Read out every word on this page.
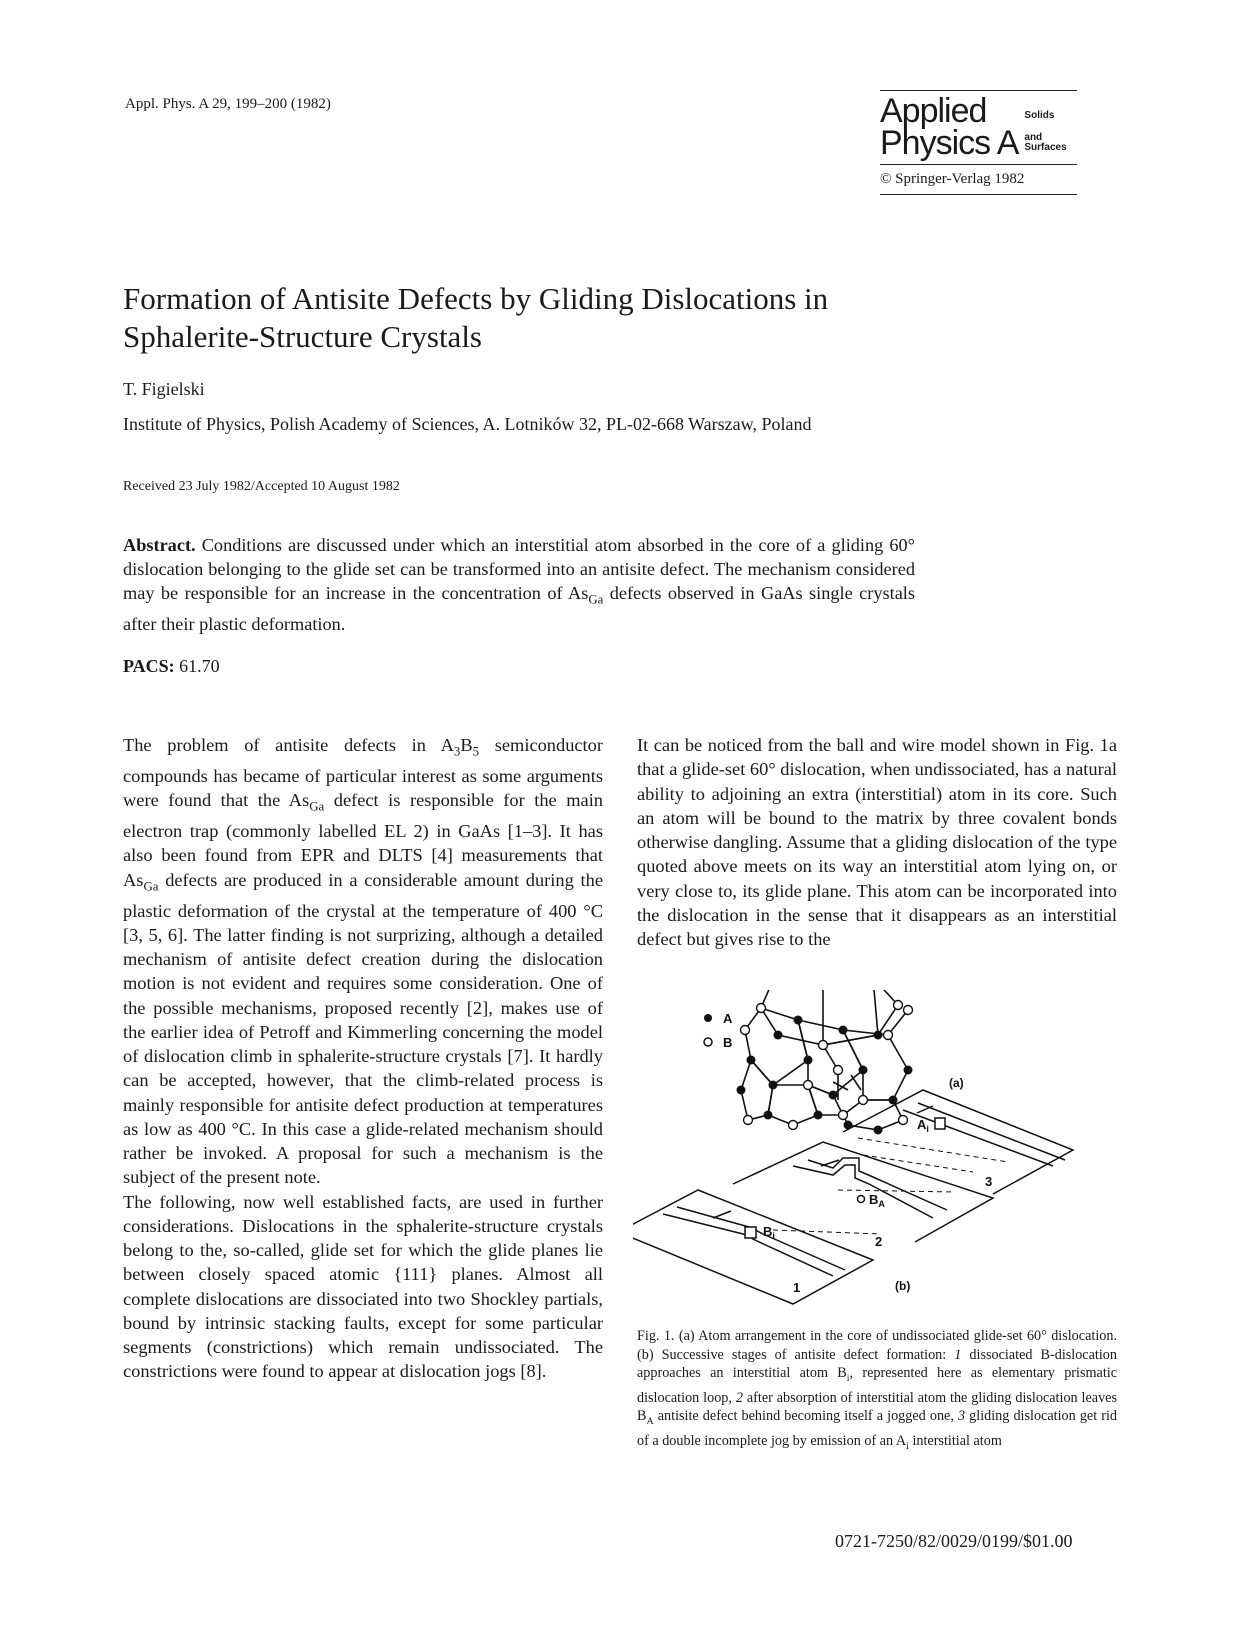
Appl. Phys. A 29, 199–200 (1982)	Applied	Solids
Physics A and
Surfaces
© Springer-Verlag 1982
Formation of Antisite Defects by Gliding Dislocations in Sphalerite-Structure Crystals
T. Figielski
Institute of Physics, Polish Academy of Sciences, A. Lotników 32, PL-02-668 Warszaw, Poland
Received 23 July 1982/Accepted 10 August 1982
Abstract. Conditions are discussed under which an interstitial atom absorbed in the core of a gliding 60° dislocation belonging to the glide set can be transformed into an antisite defect. The mechanism considered may be responsible for an increase in the concentration of $As_{Ga}$ defects observed in GaAs single crystals after their plastic deformation.
PACS: 61.70

The problem of antisite defects in $A_3B_5$ semiconductor compounds has became of particular interest as some arguments were found that the $As_{Ga}$ defect is responsible for the main electron trap (commonly labelled EL 2) in GaAs [1–3]. It has also been found from EPR and DLTS [4] measurements that $As_{Ga}$ defects are produced in a considerable amount during the plastic deformation of the crystal at the temperature of 400 °C [3, 5, 6]. The latter finding is not surprizing, although a detailed mechanism of antisite defect creation during the dislocation motion is not evident and requires some consideration. One of the possible mechanisms, proposed recently [2], makes use of the earlier idea of Petroff and Kimmerling concerning the model of dislocation climb in sphalerite-structure crystals [7]. It hardly can be accepted, however, that the climb-related process is mainly responsible for antisite defect production at temperatures as low as 400 °C. In this case a glide-related mechanism should rather be invoked. A proposal for such a mechanism is the subject of the present note.

The following, now well established facts, are used in further considerations. Dislocations in the sphalerite-structure crystals belong to the, so-called, glide set for which the glide planes lie between closely spaced atomic {111} planes. Almost all complete dislocations are dissociated into two Shockley partials, bound by intrinsic stacking faults, except for some particular segments (constrictions) which remain undissociated. The constrictions were found to appear at dislocation jogs [8].

It can be noticed from the ball and wire model shown in Fig. 1a that a glide-set 60° dislocation, when undissociated, has a natural ability to adjoining an extra (interstitial) atom in its core. Such an atom will be bound to the matrix by three covalent bonds otherwise dangling. Assume that a gliding dislocation of the type quoted above meets on its way an interstitial atom lying on, or very close to, its glide plane. This atom can be incorporated into the dislocation in the sense that it disappears as an interstitial defect but gives rise to the

A
B
(a)
1
2
3
$B_i$
$B_A$
$A_i$
(b)
Fig. 1. (a) Atom arrangement in the core of undissociated glide-set 60° dislocation. (b) Successive stages of antisite defect formation: 1 dissociated B-dislocation approaches an interstitial atom $B_i$, represented here as elementary prismatic dislocation loop, 2 after absorption of interstitial atom the gliding dislocation leaves $B_A$ antisite defect behind becoming itself a jogged one, 3 gliding dislocation get rid of a double incomplete jog by emission of an $A_i$ interstitial atom
0721-7250/82/0029/0199/$01.00
